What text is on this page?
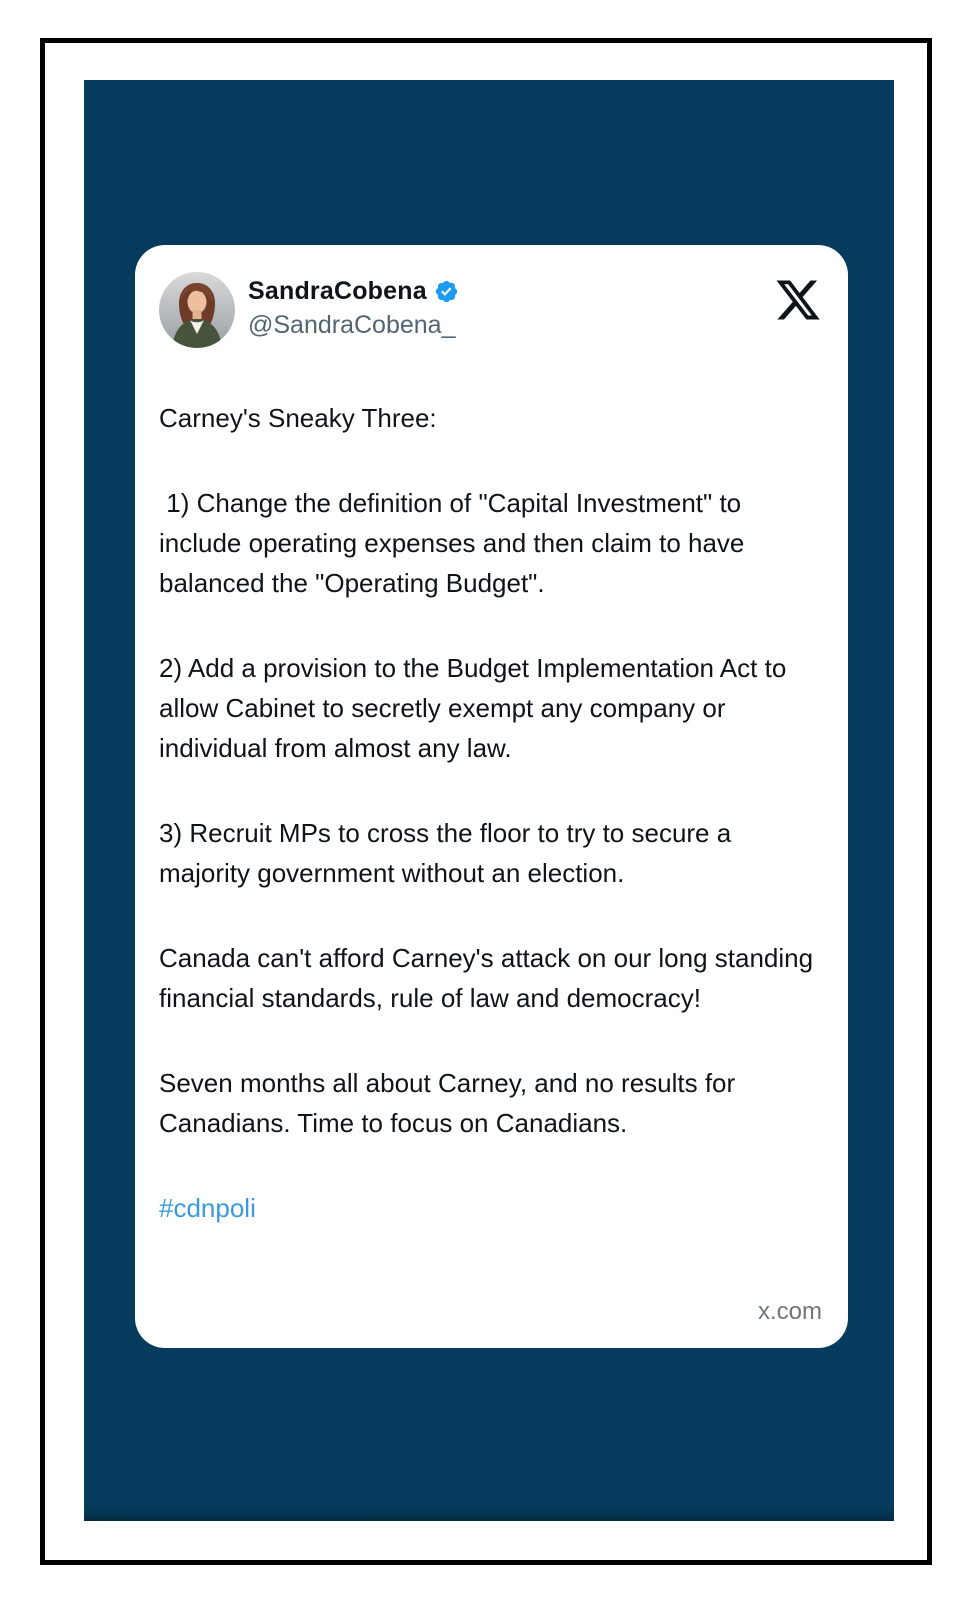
SandraCobena
@SandraCobena_

Carney's Sneaky Three:

1) Change the definition of "Capital Investment" to include operating expenses and then claim to have balanced the "Operating Budget".

2) Add a provision to the Budget Implementation Act to allow Cabinet to secretly exempt any company or individual from almost any law.

3) Recruit MPs to cross the floor to try to secure a majority government without an election.

Canada can't afford Carney's attack on our long standing financial standards, rule of law and democracy!

Seven months all about Carney, and no results for Canadians. Time to focus on Canadians.

#cdnpoli

x.com
